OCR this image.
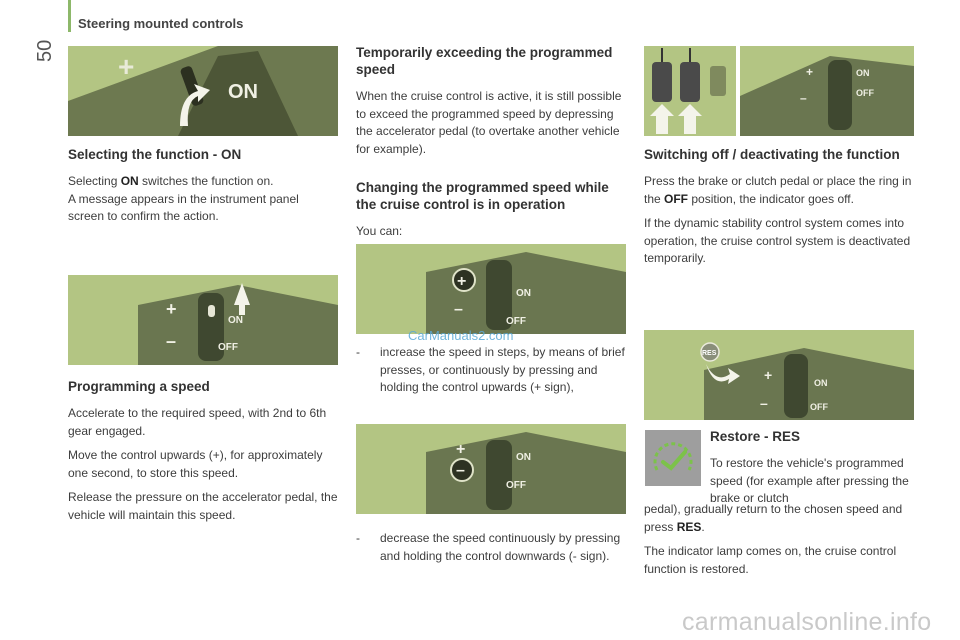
50
Steering mounted controls
+
ON
Selecting the function - ON

Selecting ON switches the function on.
A message appears in the instrument panel screen to confirm the action.

+
–
ON
OFF
Programming a speed

Accelerate to the required speed, with 2nd to 6th gear engaged.

Move the control upwards (+), for approximately one second, to store this speed.

Release the pressure on the accelerator pedal, the vehicle will maintain this speed.

Temporarily exceeding the programmed speed

When the cruise control is active, it is still possible to exceed the programmed speed by depressing the accelerator pedal (to overtake another vehicle for example).

Changing the programmed speed while the cruise control is in operation

You can:

+
–
ON
OFF
CarManuals2.com
-	increase the speed in steps, by means of brief presses, or continuously by pressing and holding the control upwards (+ sign),

+
–
ON
OFF
-	decrease the speed continuously by pressing and holding the control downwards (- sign).

+
–
ON
OFF
Switching off / deactivating the function

Press the brake or clutch pedal or place the ring in the OFF position, the indicator goes off.

If the dynamic stability control system comes into operation, the cruise control system is deactivated temporarily.

RES
+
–
ON
OFF
Restore - RES

To restore the vehicle's programmed speed (for example after pressing the brake or clutch

pedal), gradually return to the chosen speed and press RES.

The indicator lamp comes on, the cruise control function is restored.

carmanualsonline.info
